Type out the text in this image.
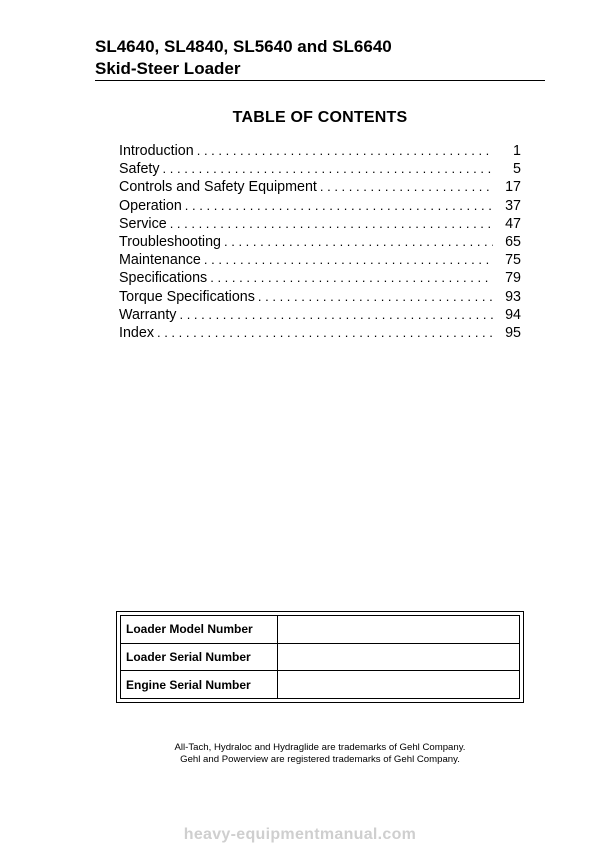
SL4640, SL4840, SL5640 and SL6640

Skid-Steer Loader

TABLE OF CONTENTS
Introduction . . .	1
Safety . . .	5
Controls and Safety Equipment . . .	17
Operation . . .	37
Service . . .	47
Troubleshooting . . .	65
Maintenance . . .	75
Specifications . . .	79
Torque Specifications . . .	93
Warranty . . .	94
Index . . .	95
Loader Model Number
Loader Serial Number
Engine Serial Number
All-Tach, Hydraloc and Hydraglide are trademarks of Gehl Company.
Gehl and Powerview are registered trademarks of Gehl Company.
heavy-equipmentmanual.com
